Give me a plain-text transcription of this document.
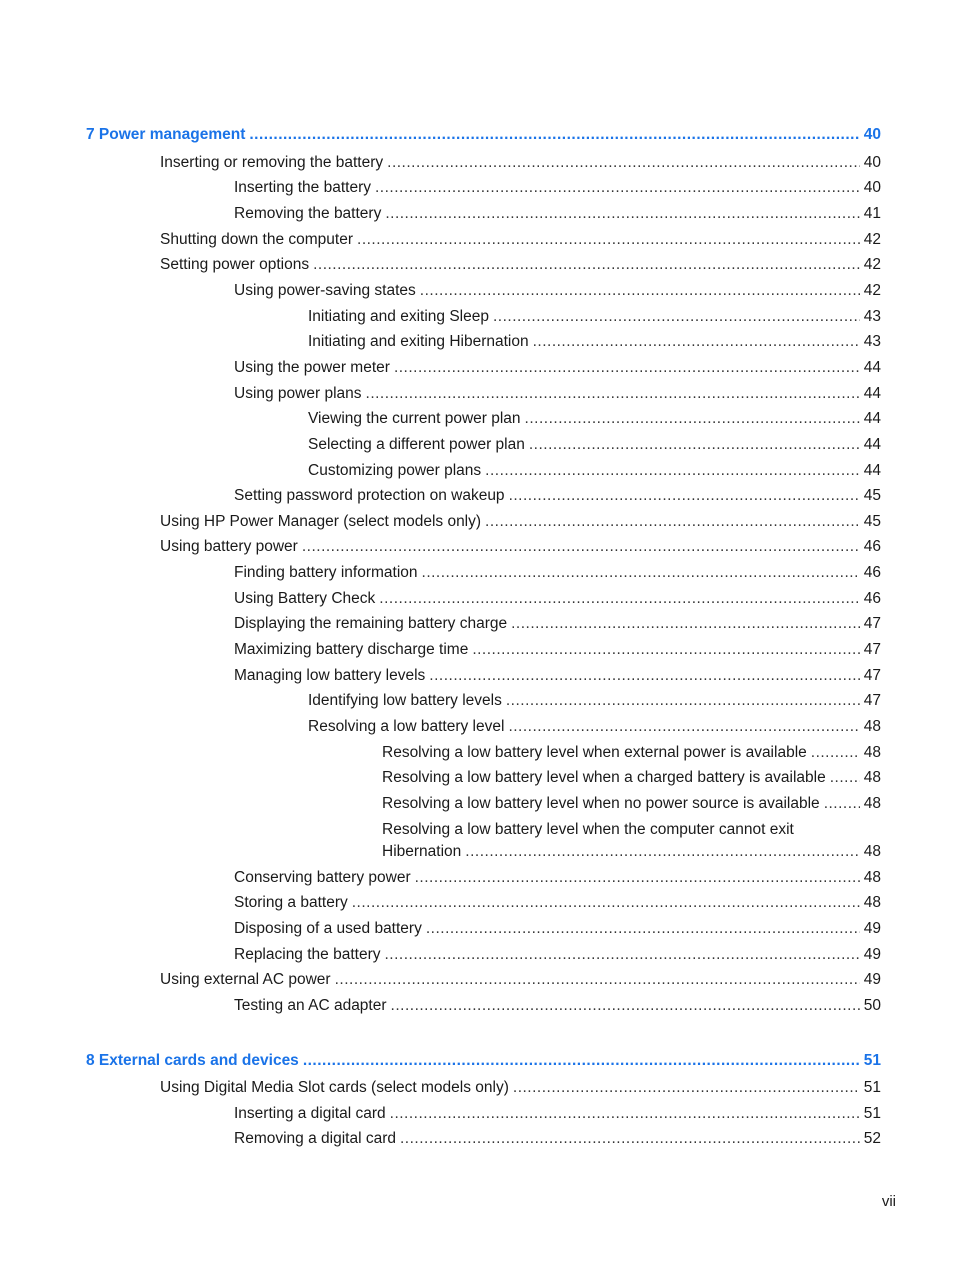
7 Power management .....	40
Inserting or removing the battery .....	40
Inserting the battery .....	40
Removing the battery .....	41
Shutting down the computer .....	42
Setting power options .....	42
Using power-saving states .....	42
Initiating and exiting Sleep .....	43
Initiating and exiting Hibernation .....	43
Using the power meter .....	44
Using power plans .....	44
Viewing the current power plan .....	44
Selecting a different power plan .....	44
Customizing power plans .....	44
Setting password protection on wakeup .....	45
Using HP Power Manager (select models only) .....	45
Using battery power .....	46
Finding battery information .....	46
Using Battery Check .....	46
Displaying the remaining battery charge .....	47
Maximizing battery discharge time .....	47
Managing low battery levels .....	47
Identifying low battery levels .....	47
Resolving a low battery level .....	48
Resolving a low battery level when external power is available .....	48
Resolving a low battery level when a charged battery is available ..... 48
Resolving a low battery level when no power source is available .....	48
Resolving a low battery level when the computer cannot exit
Hibernation .....	48
Conserving battery power .....	48
Storing a battery .....	48
Disposing of a used battery .....	49
Replacing the battery .....	49
Using external AC power .....	49
Testing an AC adapter .....	50
8 External cards and devices .....	51
Using Digital Media Slot cards (select models only) .....	51
Inserting a digital card .....	51
Removing a digital card .....	52
vii
